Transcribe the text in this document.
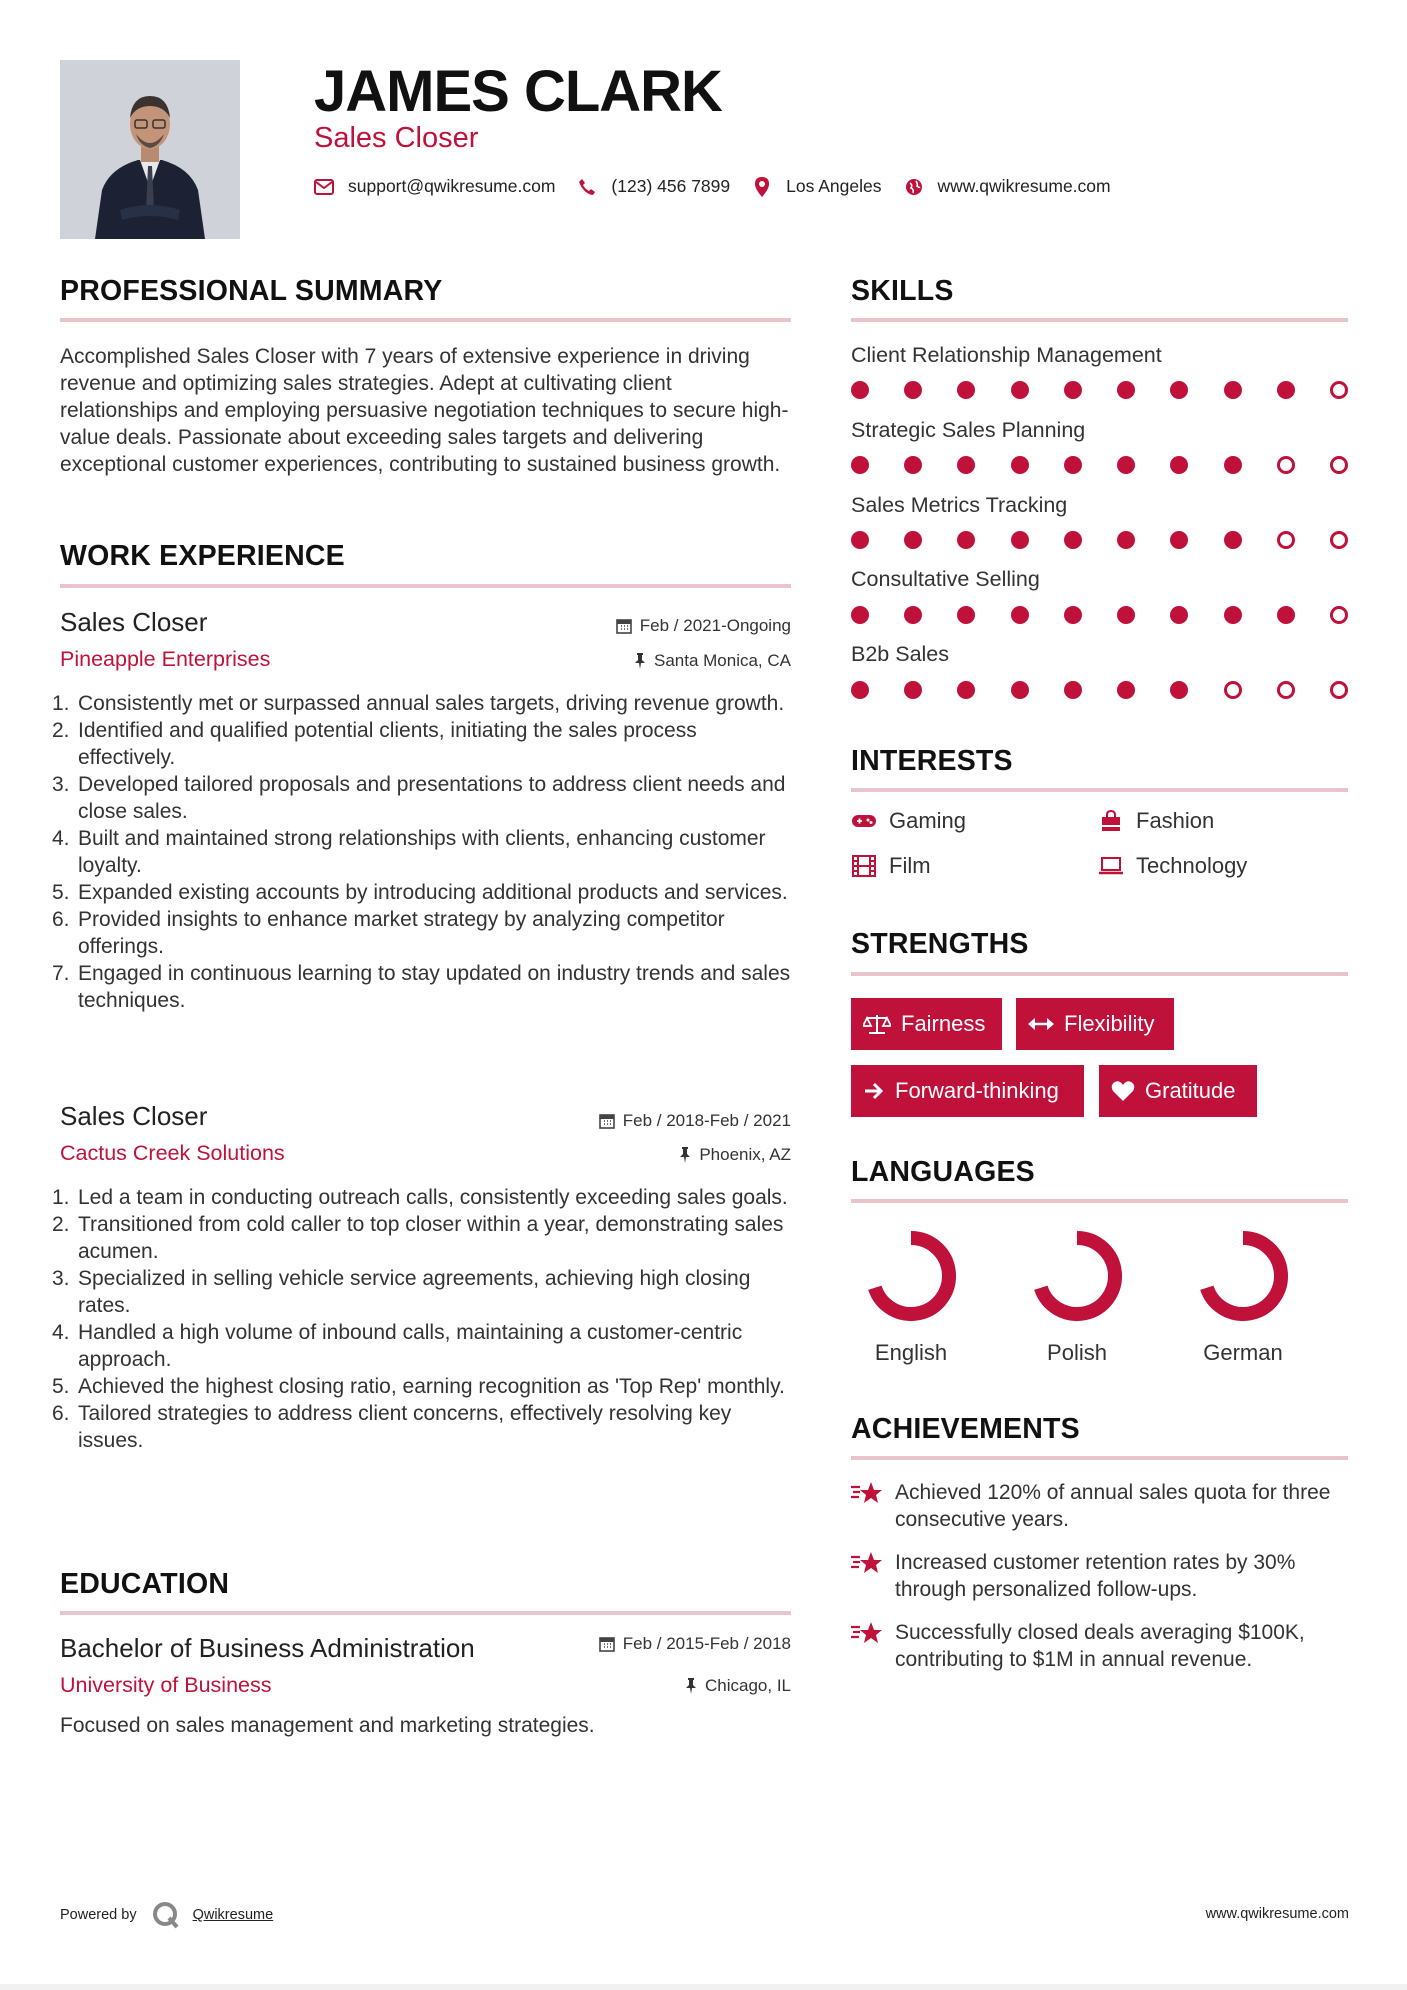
JAMES CLARK
Sales Closer
support@qwikresume.com	(123) 456 7899	Los Angeles	www.qwikresume.com
PROFESSIONAL SUMMARY
Accomplished Sales Closer with 7 years of extensive experience in driving revenue and optimizing sales strategies. Adept at cultivating client relationships and employing persuasive negotiation techniques to secure high-value deals. Passionate about exceeding sales targets and delivering exceptional customer experiences, contributing to sustained business growth.
WORK EXPERIENCE
Sales Closer	Feb / 2021-Ongoing
Pineapple Enterprises	Santa Monica, CA
1. Consistently met or surpassed annual sales targets, driving revenue growth.
2. Identified and qualified potential clients, initiating the sales process effectively.
3. Developed tailored proposals and presentations to address client needs and close sales.
4. Built and maintained strong relationships with clients, enhancing customer loyalty.
5. Expanded existing accounts by introducing additional products and services.
6. Provided insights to enhance market strategy by analyzing competitor offerings.
7. Engaged in continuous learning to stay updated on industry trends and sales techniques.
Sales Closer	Feb / 2018-Feb / 2021
Cactus Creek Solutions	Phoenix, AZ
1. Led a team in conducting outreach calls, consistently exceeding sales goals.
2. Transitioned from cold caller to top closer within a year, demonstrating sales acumen.
3. Specialized in selling vehicle service agreements, achieving high closing rates.
4. Handled a high volume of inbound calls, maintaining a customer-centric approach.
5. Achieved the highest closing ratio, earning recognition as 'Top Rep' monthly.
6. Tailored strategies to address client concerns, effectively resolving key issues.
EDUCATION
Bachelor of Business Administration	Feb / 2015-Feb / 2018
University of Business	Chicago, IL
Focused on sales management and marketing strategies.
SKILLS
Client Relationship Management
Strategic Sales Planning
Sales Metrics Tracking
Consultative Selling
B2b Sales
INTERESTS
Gaming	Fashion
Film	Technology
STRENGTHS
Fairness	Flexibility
Forward-thinking	Gratitude
LANGUAGES
English	Polish	German
ACHIEVEMENTS
Achieved 120% of annual sales quota for three consecutive years.
Increased customer retention rates by 30% through personalized follow-ups.
Successfully closed deals averaging $100K, contributing to $1M in annual revenue.
Powered by	Qwikresume	www.qwikresume.com
